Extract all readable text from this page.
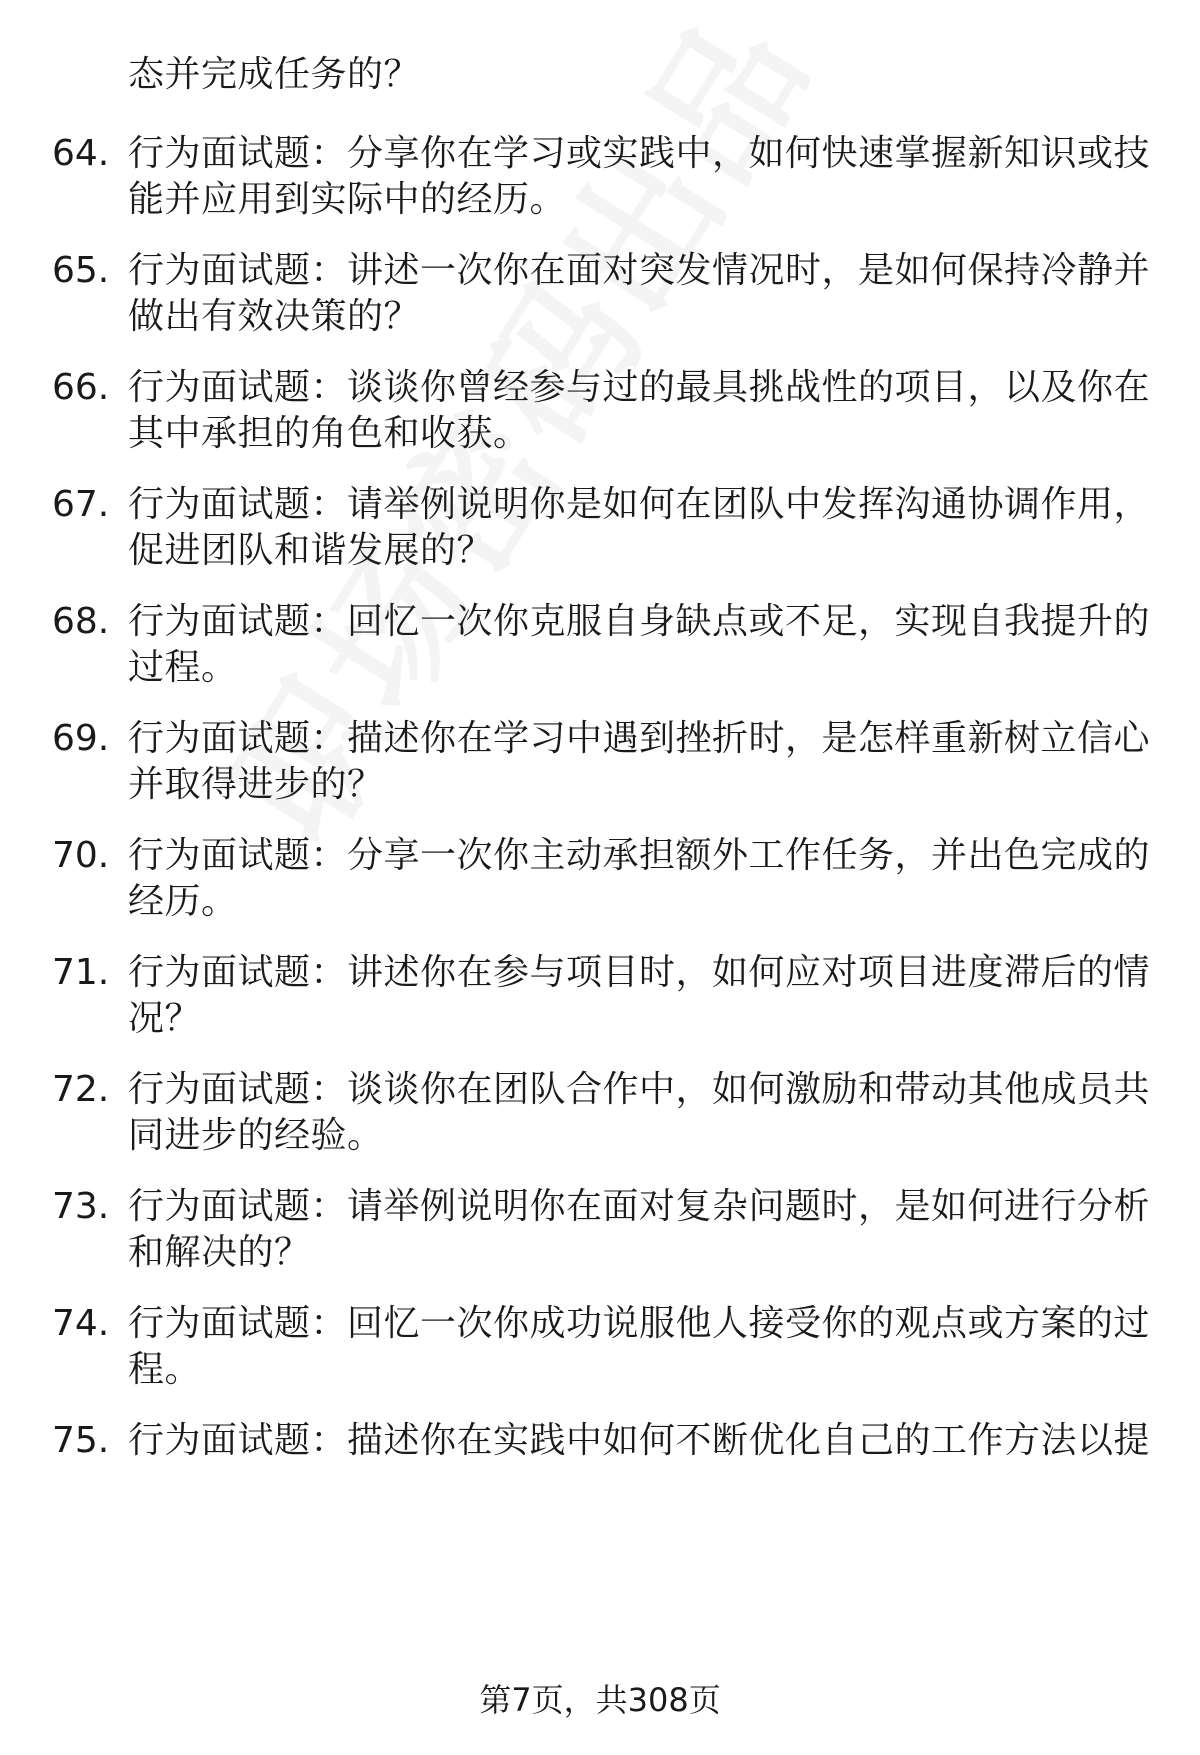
态并完成任务的？
64. 行为面试题：分享你在学习或实践中，如何快速掌握新知识或技
能并应用到实际中的经历。
65. 行为面试题：讲述一次你在面对突发情况时，是如何保持冷静并
做出有效决策的？
66. 行为面试题：谈谈你曾经参与过的最具挑战性的项目，以及你在
其中承担的角色和收获。
67. 行为面试题：请举例说明你是如何在团队中发挥沟通协调作用，
促进团队和谐发展的？
68. 行为面试题：回忆一次你克服自身缺点或不足，实现自我提升的
过程。
69. 行为面试题：描述你在学习中遇到挫折时，是怎样重新树立信心
并取得进步的？
70. 行为面试题：分享一次你主动承担额外工作任务，并出色完成的
经历。
71. 行为面试题：讲述你在参与项目时，如何应对项目进度滞后的情
况？
72. 行为面试题：谈谈你在团队合作中，如何激励和带动其他成员共
同进步的经验。
73. 行为面试题：请举例说明你在面对复杂问题时，是如何进行分析
和解决的？
74. 行为面试题：回忆一次你成功说服他人接受你的观点或方案的过
程。
75. 行为面试题：描述你在实践中如何不断优化自己的工作方法以提
第7页，共308页
